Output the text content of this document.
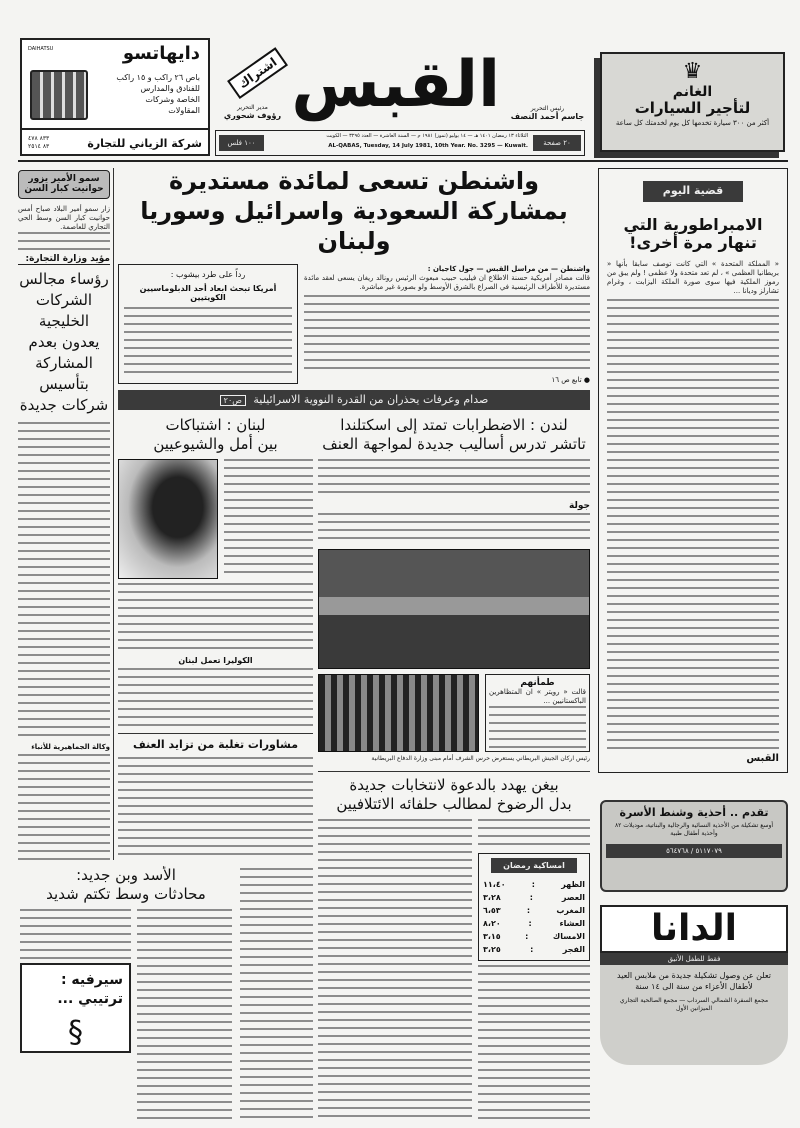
♛
الغانم
لتأجير السيارات
أكثر من ٣٠٠ سيارة تخدمها كل يوم لخدمتك كل ساعة
رئيس التحرير
جاسم أحمد النصف
القبس
اشتراك
مدير التحرير
رؤوف شحوري
٢٠ صفحة
الثلاثاء ١٣ رمضان ١٤٠١ هـ — ١٤ يوليو (تموز) ١٩٨١ م — السنة العاشرة — العدد ٣٢٩٥ — الكويت
AL-QABAS, Tuesday, 14 July 1981, 10th Year. No. 3295 — Kuwait.
١٠٠ فلس
دايهاتسو
DAIHATSU
باص ٢٦ راكب و ١٥ راكب
للفنادق والمدارس
الخاصة وشركات
المقاولات
شركة الزياني للتجارة
٨٣٣ ٤٧٨
٨٣ ٢٥١٤
قضية اليوم
الامبراطورية التي تنهار مرة أخرى!
« المملكة المتحدة » التي كانت توصف سابقا بأنها « بريطانيا العظمى » ، لم تعد متحدة ولا عظمى ! ولم يبق من رموز الملكية فيها سوى صورة الملكة اليزابت ، وغرام تشارلز وديانا ...
القبس
تقدم .. أحذية وشنط الأسرة
أوسع تشكيلة من الأحذية النسائية والرجالية والبناتية، موديلات ٨٢ وأحذية أطفال طبية
٥١١٧٠٧٩ / ٥٦٤٧٦٨
الدانا
فقط للطفل الأنيق
تعلن عن وصول تشكيلة جديدة من ملابس العيد لأطفال الأعزاء من سنة الى ١٤ سنة
مجمع السفرة الشمالي السرداب — مجمع الصالحية التجاري الميزانين الأول
سمو الأمير يزور حوانيت كبار السن
زار سمو أمير البلاد صباح أمس حوانيت كبار السن وسط الحي التجاري للعاصمة.
مؤيد وزارة التجارة:
رؤساء مجالس الشركات الخليجية يعدون بعدم المشاركة بتأسيس شركات جديدة
وكالة الجماهيرية للأنباء
واشنطن تسعى لمائدة مستديرة
بمشاركة السعودية واسرائيل وسوريا ولبنان
واشنطن — من مراسل القبس — جول كاجيان :
قالت مصادر أمريكية حسنة الاطلاع ان فيليب حبيب مبعوث الرئيس رونالد ريغان يسعى لعقد مائدة مستديرة للأطراف الرئيسية في الصراع بالشرق الأوسط ولو بصورة غير مباشرة.
● تابع ص ١٦
رداً على طرد بيشوب :
أمريكا تبحث ابعاد أحد الدبلوماسيين الكويتيين
صدام وعرفات يحذران من القدرة النووية الاسرائيلية ص٢٠
لندن : الاضطرابات تمتد إلى اسكتلندا
تاتشر تدرس أساليب جديدة لمواجهة العنف
جولة
طمأنهم
قالت « رويتر » ان المتظاهرين الباكستانيين ...
رئيس اركان الجيش البريطاني يستعرض حرس الشرف أمام مبنى وزارة الدفاع البريطانية
بيغن يهدد بالدعوة لانتخابات جديدة
بدل الرضوخ لمطالب حلفائه الائتلافيين
امساكية رمضان
الظهر
:
١١،٤٠
العصر
:
٣،٢٨
المغرب
:
٦،٥٣
العشاء
:
٨،٢٠
الامساك
:
٣،١٥
الفجر
:
٣،٢٥
لبنان : اشتباكات
بين أمل والشيوعيين
الكوليرا تعمل لبنان
مشاورات تغلبة من تزايد العنف
الأسد وبن جديد:
محادثات وسط تكتم شديد
سيرفيه : ترتيبي ...
§
